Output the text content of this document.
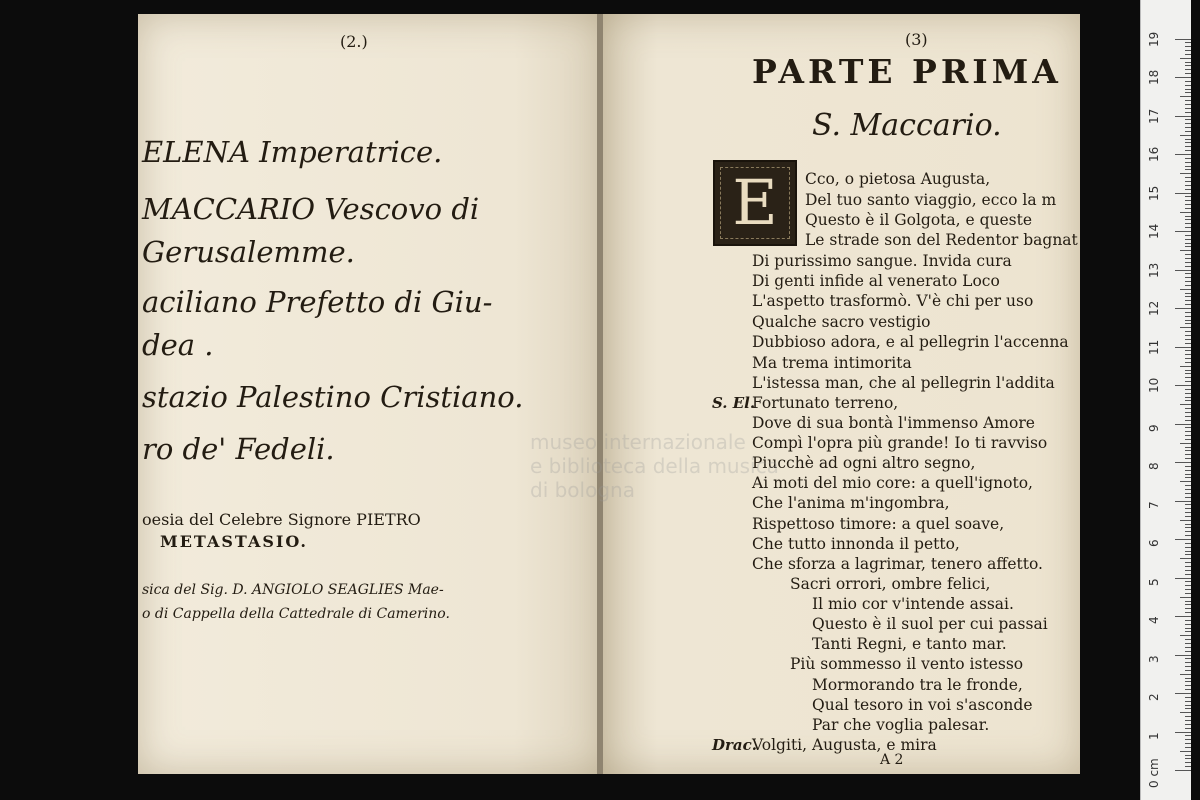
(2.)
ELENA Imperatrice.
MACCARIO Vescovo di
Gerusalemme.
aciliano Prefetto di Giu-
dea .
stazio Palestino Cristiano.
ro de' Fedeli.
oesia del Celebre Signore PIETRO
METASTASIO.
sica del Sig. D. ANGIOLO SEAGLIES Mae-
o di Cappella della Cattedrale di Camerino.
(3)
PARTE PRIMA
S. Maccario.
E	Cco, o pietosa Augusta,
Del tuo santo viaggio, ecco la m
Questo è il Golgota, e queste
Le strade son del Redentor bagnat
Di purissimo sangue. Invida cura
Di genti infide al venerato Loco
L'aspetto trasformò. V'è chi per uso
Qualche sacro vestigio
Dubbioso adora, e al pellegrin l'accenna
Ma trema intimorita
L'istessa man, che al pellegrin l'addita
S. El.
Fortunato terreno,
Dove di sua bontà l'immenso Amore
Compì l'opra più grande! Io ti ravviso
Piucchè ad ogni altro segno,
Ai moti del mio core: a quell'ignoto,
Che l'anima m'ingombra,
Rispettoso timore: a quel soave,
Che tutto innonda il petto,
Che sforza a lagrimar, tenero affetto.
Sacri orrori, ombre felici,
Il mio cor v'intende assai.
Questo è il suol per cui passai
Tanti Regni, e tanto mar.
Più sommesso il vento istesso
Mormorando tra le fronde,
Qual tesoro in voi s'asconde
Par che voglia palesar.
Drac.
Volgiti, Augusta, e mira
A 2
museo internazionale
e biblioteca della musica
di bologna
0 cm
1
2
3
4
5
6
7
8
9
10
11
12
13
14
15
16
17
18
19
